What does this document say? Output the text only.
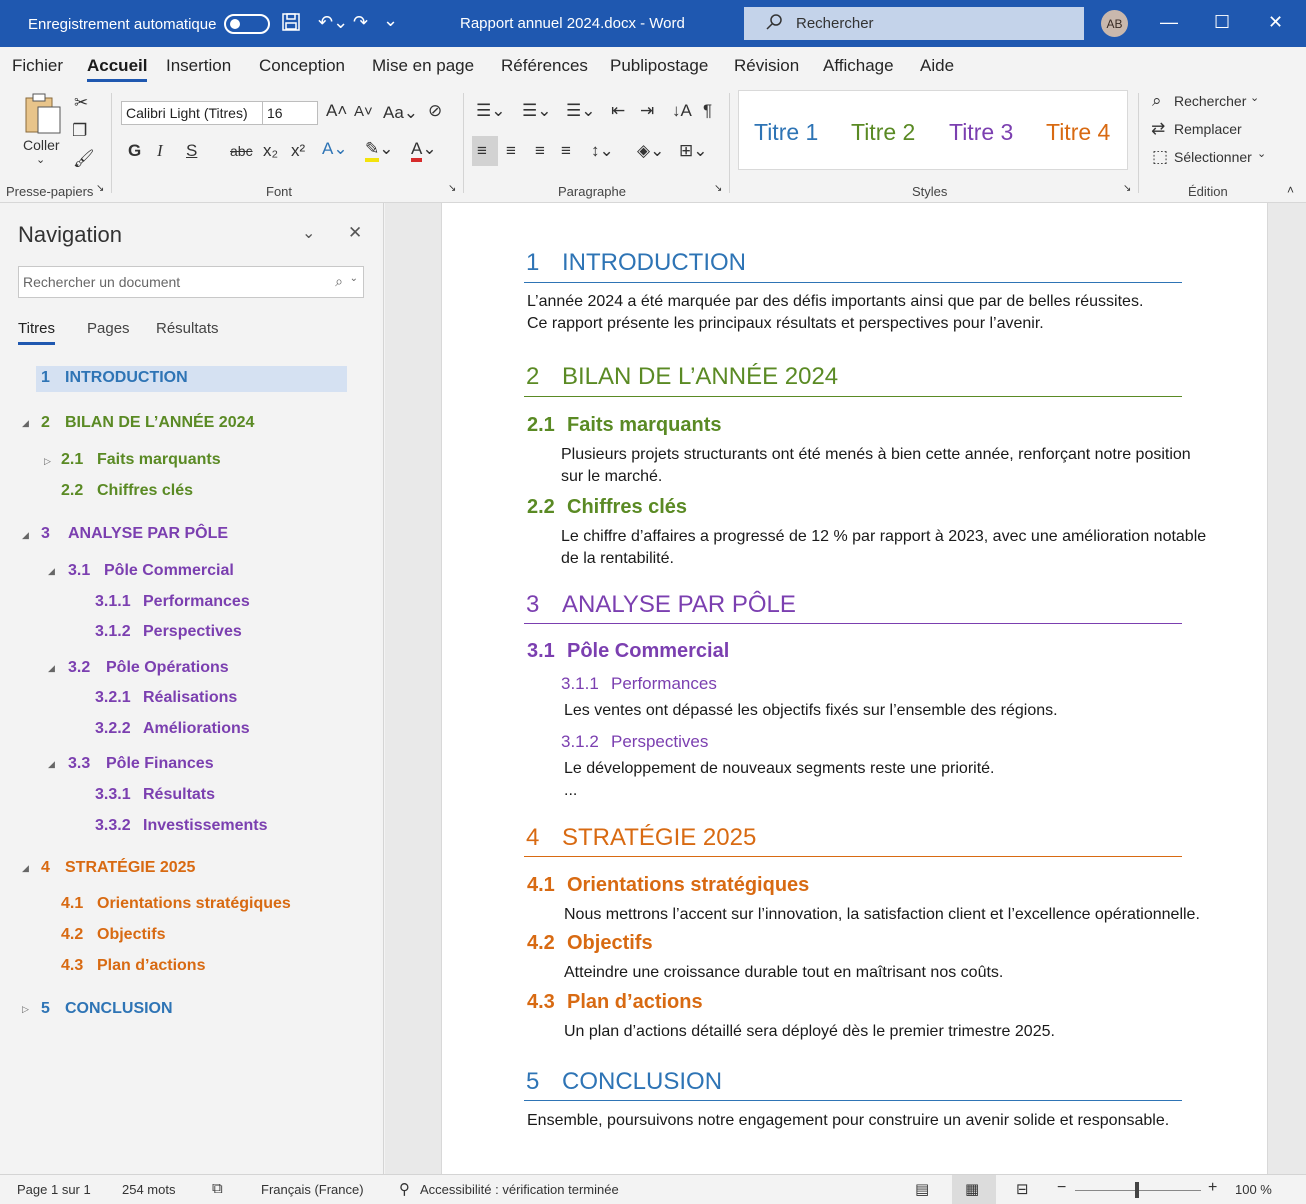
Enregistrement automatique	↶⌄ ↷ ⌄	Rapport annuel 2024.docx - Word	Rechercher	AB	— ☐ ✕
Fichier Accueil Insertion Conception Mise en page Références Publipostage Révision Affichage Aide
Coller
⌄
✂
❐
🖌
Presse-papiers ↘
Calibri Light (Titres)	16	A˄ A˅ Aa⌄ ⊘
G I S abc x₂ x² A⌄ ✎⌄ A⌄
Font	↘
☰⌄ ☰⌄ ☰⌄ ⇤ ⇥ ↓A ¶
≡ ≡ ≡ ≡ ↕⌄ ◈⌄ ⊞⌄
Paragraphe	↘
Titre 1 Titre 2 Titre 3 Titre 4
Styles	↘
⌕ Rechercher ⌄
⇄ Remplacer
⬚ Sélectionner ⌄
Édition	˄
Navigation	⌄ ✕
Rechercher un document	⌕ ⌄
Titres Pages Résultats
1 INTRODUCTION
◢ 2 BILAN DE L’ANNÉE 2024
▷ 2.1 Faits marquants
2.2 Chiffres clés
◢ 3 ANALYSE PAR PÔLE
◢ 3.1 Pôle Commercial
3.1.1 Performances
3.1.2 Perspectives
◢ 3.2 Pôle Opérations
3.2.1 Réalisations
3.2.2 Améliorations
◢ 3.3 Pôle Finances
3.3.1 Résultats
3.3.2 Investissements
◢ 4 STRATÉGIE 2025
4.1 Orientations stratégiques
4.2 Objectifs
4.3 Plan d’actions
▷ 5 CONCLUSION
1 INTRODUCTION
L’année 2024 a été marquée par des défis importants ainsi que par de belles réussites.
Ce rapport présente les principaux résultats et perspectives pour l’avenir.
2 BILAN DE L’ANNÉE 2024
2.1 Faits marquants
Plusieurs projets structurants ont été menés à bien cette année, renforçant notre position
sur le marché.
2.2 Chiffres clés
Le chiffre d’affaires a progressé de 12 % par rapport à 2023, avec une amélioration notable
de la rentabilité.
3 ANALYSE PAR PÔLE
3.1 Pôle Commercial
3.1.1 Performances
Les ventes ont dépassé les objectifs fixés sur l’ensemble des régions.
3.1.2 Perspectives
Le développement de nouveaux segments reste une priorité.
...
4 STRATÉGIE 2025
4.1 Orientations stratégiques
Nous mettrons l’accent sur l’innovation, la satisfaction client et l’excellence opérationnelle.
4.2 Objectifs
Atteindre une croissance durable tout en maîtrisant nos coûts.
4.3 Plan d’actions
Un plan d’actions détaillé sera déployé dès le premier trimestre 2025.
5 CONCLUSION
Ensemble, poursuivons notre engagement pour construire un avenir solide et responsable.
Page 1 sur 1 254 mots ⧉	Français (France) ⚲ Accessibilité : vérification terminée	▤ ▦ ⊟ −	+ 100 %
